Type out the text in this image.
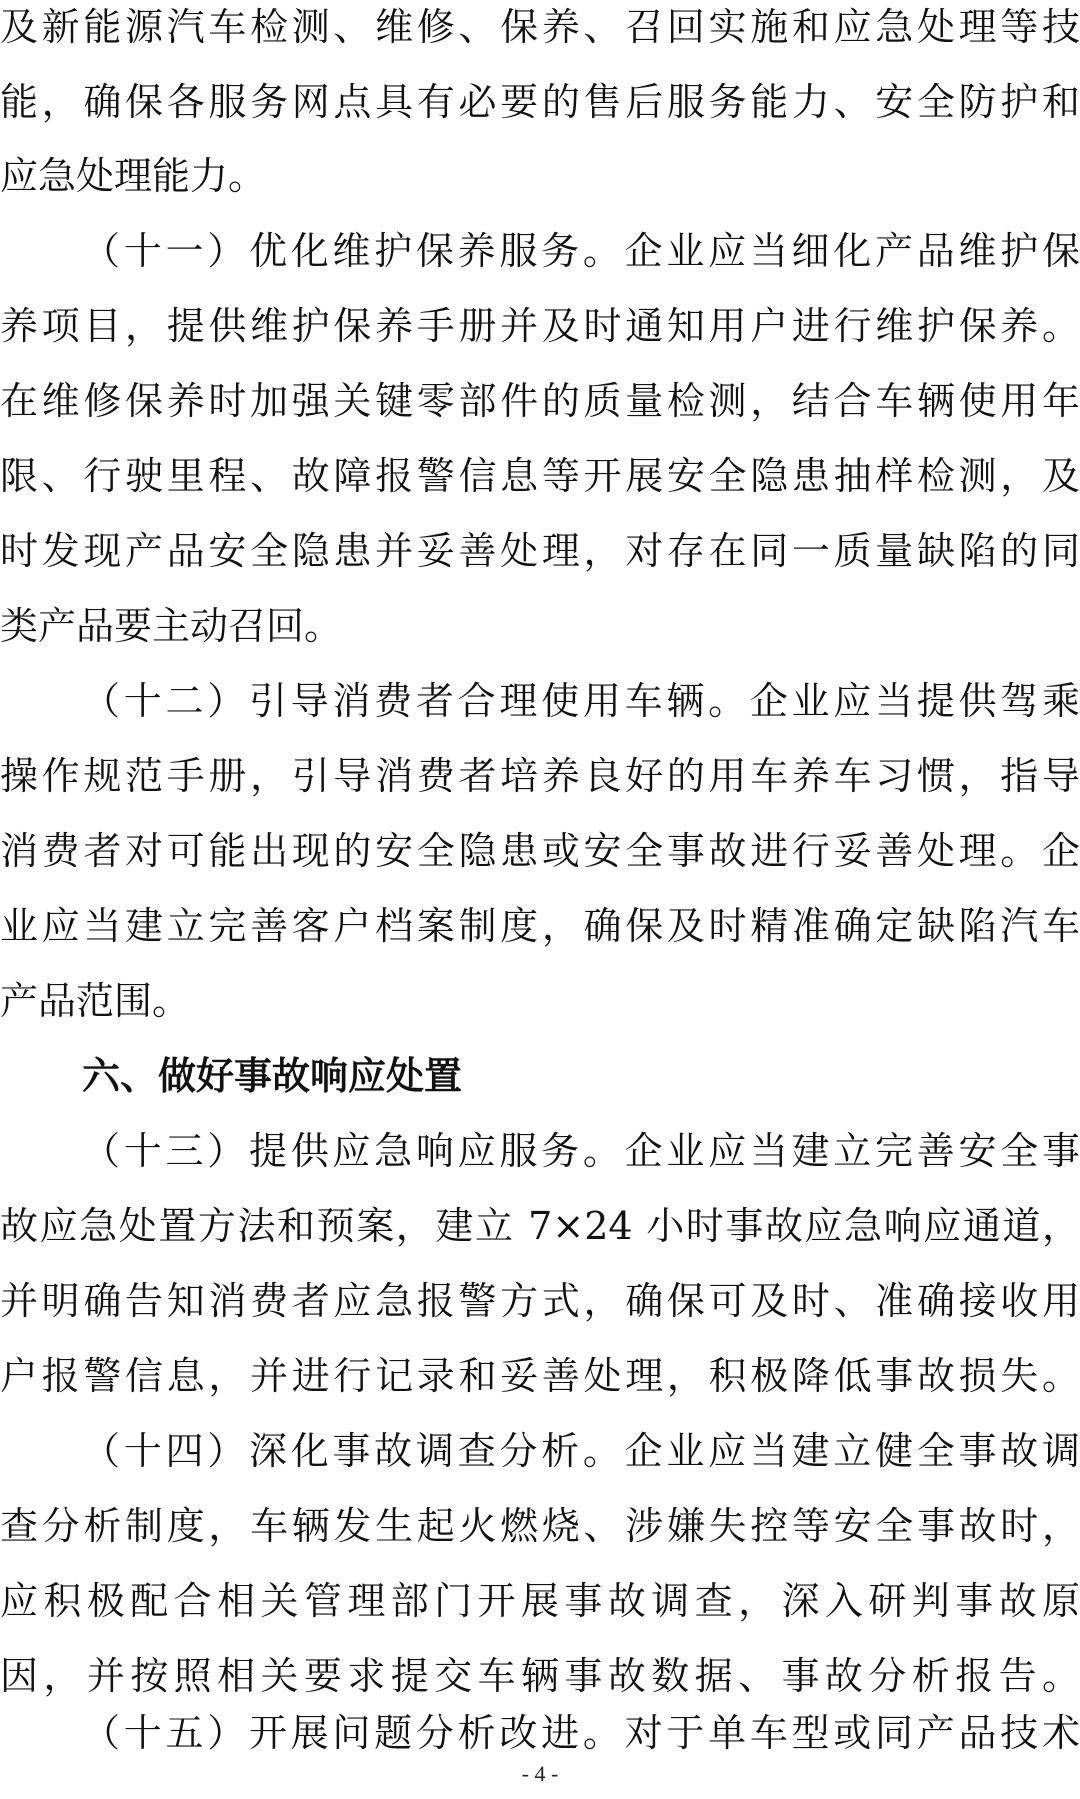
及新能源汽车检测、维修、保养、召回实施和应急处理等技
能，确保各服务网点具有必要的售后服务能力、安全防护和
应急处理能力。
（十一）优化维护保养服务。企业应当细化产品维护保
养项目，提供维护保养手册并及时通知用户进行维护保养。
在维修保养时加强关键零部件的质量检测，结合车辆使用年
限、行驶里程、故障报警信息等开展安全隐患抽样检测，及
时发现产品安全隐患并妥善处理，对存在同一质量缺陷的同
类产品要主动召回。
（十二）引导消费者合理使用车辆。企业应当提供驾乘
操作规范手册，引导消费者培养良好的用车养车习惯，指导
消费者对可能出现的安全隐患或安全事故进行妥善处理。企
业应当建立完善客户档案制度，确保及时精准确定缺陷汽车
产品范围。
六、做好事故响应处置
（十三）提供应急响应服务。企业应当建立完善安全事
故应急处置方法和预案，建立 7×24 小时事故应急响应通道，
并明确告知消费者应急报警方式，确保可及时、准确接收用
户报警信息，并进行记录和妥善处理，积极降低事故损失。
（十四）深化事故调查分析。企业应当建立健全事故调
查分析制度，车辆发生起火燃烧、涉嫌失控等安全事故时，
应积极配合相关管理部门开展事故调查，深入研判事故原
因，并按照相关要求提交车辆事故数据、事故分析报告。
（十五）开展问题分析改进。对于单车型或同产品技术
- 4 -
